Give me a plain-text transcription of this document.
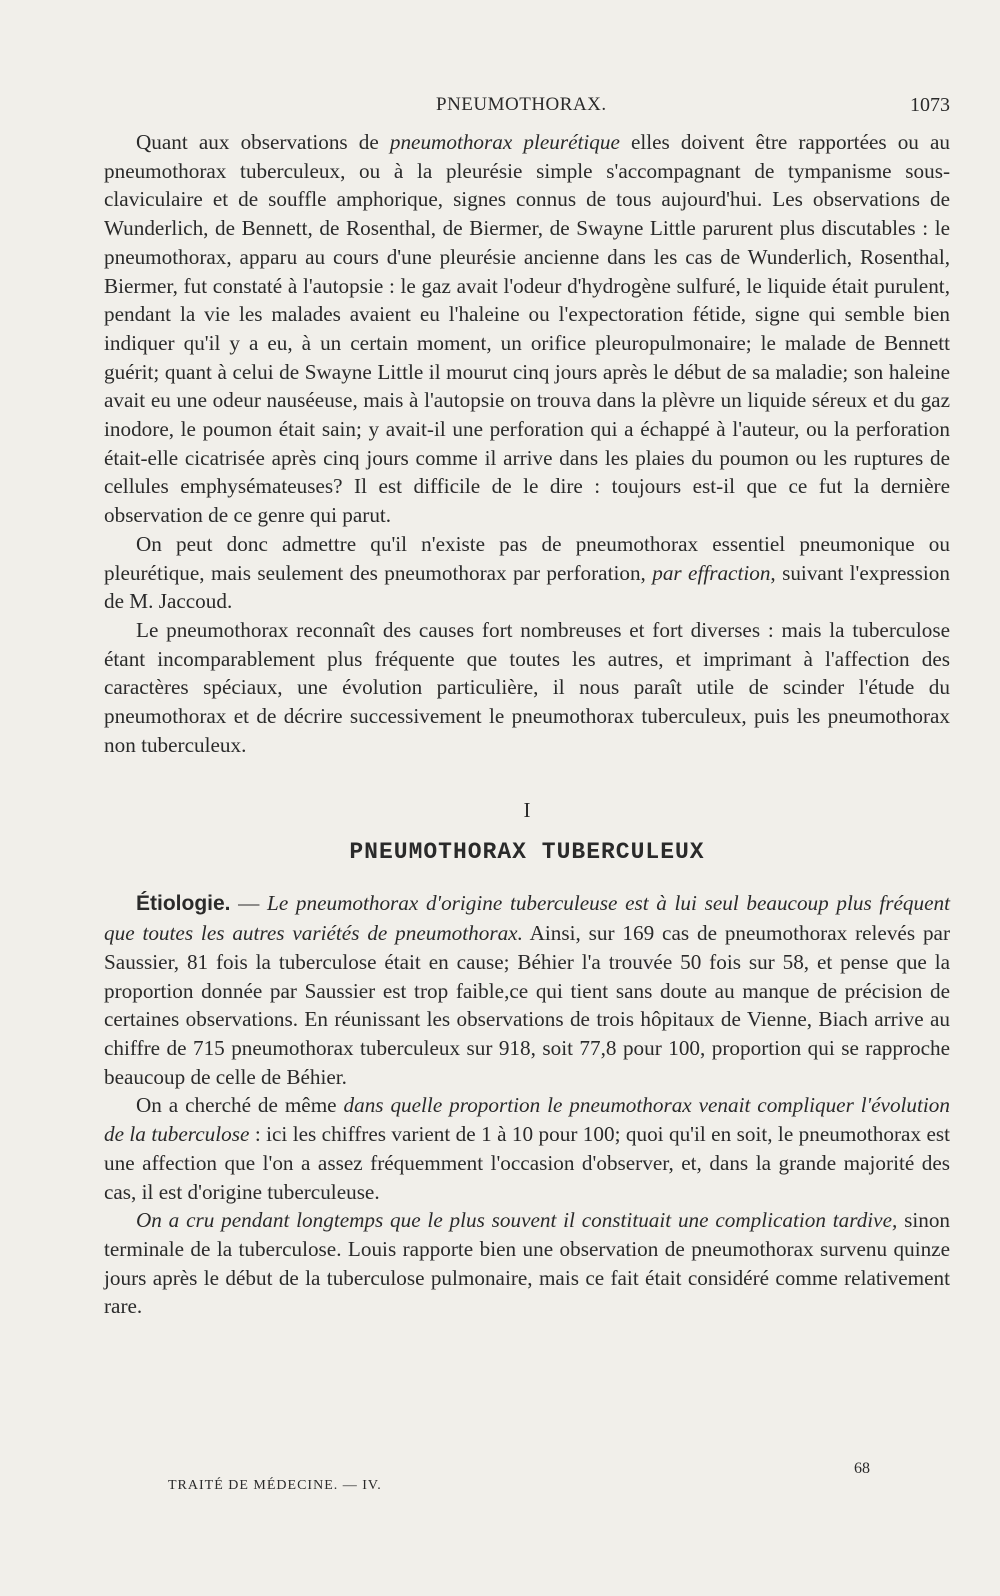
PNEUMOTHORAX.	1073

Quant aux observations de pneumothorax pleurétique elles doivent être rapportées ou au pneumothorax tuberculeux, ou à la pleurésie simple s'accompagnant de tympanisme sous-claviculaire et de souffle amphorique, signes connus de tous aujourd'hui. Les observations de Wunderlich, de Bennett, de Rosenthal, de Biermer, de Swayne Little parurent plus discutables : le pneumothorax, apparu au cours d'une pleurésie ancienne dans les cas de Wunderlich, Rosenthal, Biermer, fut constaté à l'autopsie : le gaz avait l'odeur d'hydrogène sulfuré, le liquide était purulent, pendant la vie les malades avaient eu l'haleine ou l'expectoration fétide, signe qui semble bien indiquer qu'il y a eu, à un certain moment, un orifice pleuropulmonaire; le malade de Bennett guérit; quant à celui de Swayne Little il mourut cinq jours après le début de sa maladie; son haleine avait eu une odeur nauséeuse, mais à l'autopsie on trouva dans la plèvre un liquide séreux et du gaz inodore, le poumon était sain; y avait-il une perforation qui a échappé à l'auteur, ou la perforation était-elle cicatrisée après cinq jours comme il arrive dans les plaies du poumon ou les ruptures de cellules emphysémateuses? Il est difficile de le dire : toujours est-il que ce fut la dernière observation de ce genre qui parut.

On peut donc admettre qu'il n'existe pas de pneumothorax essentiel pneumonique ou pleurétique, mais seulement des pneumothorax par perforation, par effraction, suivant l'expression de M. Jaccoud.

Le pneumothorax reconnaît des causes fort nombreuses et fort diverses : mais la tuberculose étant incomparablement plus fréquente que toutes les autres, et imprimant à l'affection des caractères spéciaux, une évolution particulière, il nous paraît utile de scinder l'étude du pneumothorax et de décrire successivement le pneumothorax tuberculeux, puis les pneumothorax non tuberculeux.

I
PNEUMOTHORAX TUBERCULEUX

Étiologie. — Le pneumothorax d'origine tuberculeuse est à lui seul beaucoup plus fréquent que toutes les autres variétés de pneumothorax. Ainsi, sur 169 cas de pneumothorax relevés par Saussier, 81 fois la tuberculose était en cause; Béhier l'a trouvée 50 fois sur 58, et pense que la proportion donnée par Saussier est trop faible,ce qui tient sans doute au manque de précision de certaines observations. En réunissant les observations de trois hôpitaux de Vienne, Biach arrive au chiffre de 715 pneumothorax tuberculeux sur 918, soit 77,8 pour 100, proportion qui se rapproche beaucoup de celle de Béhier.

On a cherché de même dans quelle proportion le pneumothorax venait compliquer l'évolution de la tuberculose : ici les chiffres varient de 1 à 10 pour 100; quoi qu'il en soit, le pneumothorax est une affection que l'on a assez fréquemment l'occasion d'observer, et, dans la grande majorité des cas, il est d'origine tuberculeuse.

On a cru pendant longtemps que le plus souvent il constituait une complication tardive, sinon terminale de la tuberculose. Louis rapporte bien une observation de pneumothorax survenu quinze jours après le début de la tuberculose pulmonaire, mais ce fait était considéré comme relativement rare.

68
TRAITÉ DE MÉDECINE. — IV.
